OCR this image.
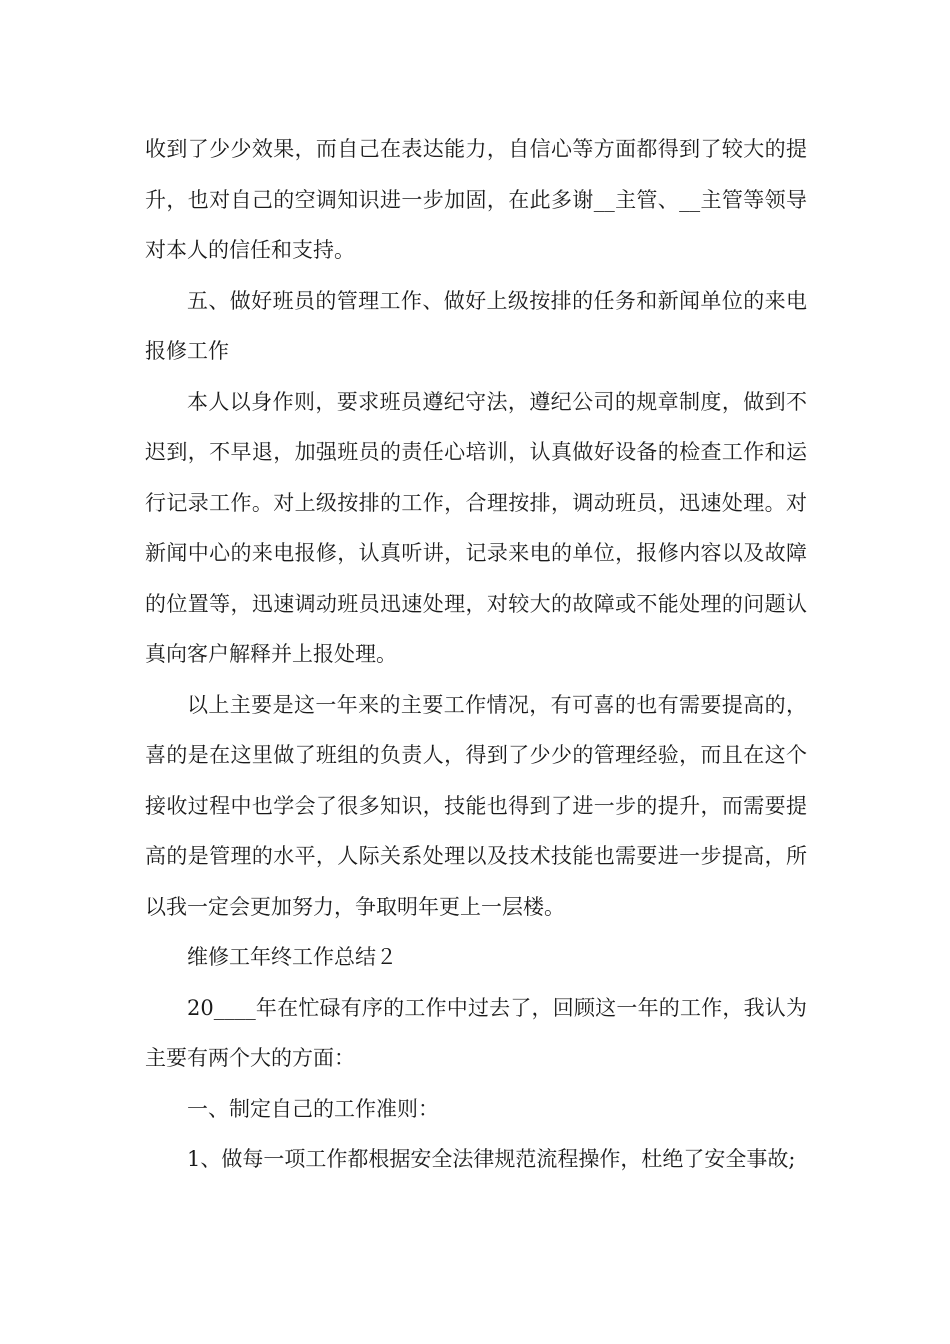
收到了少少效果，而自己在表达能力，自信心等方面都得到了较大的提升，也对自己的空调知识进一步加固，在此多谢__主管、__主管等领导对本人的信任和支持。

五、做好班员的管理工作、做好上级按排的任务和新闻单位的来电报修工作

本人以身作则，要求班员遵纪守法，遵纪公司的规章制度，做到不迟到，不早退，加强班员的责任心培训，认真做好设备的检查工作和运行记录工作。对上级按排的工作，合理按排，调动班员，迅速处理。对新闻中心的来电报修，认真听讲，记录来电的单位，报修内容以及故障的位置等，迅速调动班员迅速处理，对较大的故障或不能处理的问题认真向客户解释并上报处理。

以上主要是这一年来的主要工作情况，有可喜的也有需要提高的，喜的是在这里做了班组的负责人，得到了少少的管理经验，而且在这个接收过程中也学会了很多知识，技能也得到了进一步的提升，而需要提高的是管理的水平，人际关系处理以及技术技能也需要进一步提高，所以我一定会更加努力，争取明年更上一层楼。

维修工年终工作总结２

20____年在忙碌有序的工作中过去了，回顾这一年的工作，我认为主要有两个大的方面：

一、制定自己的工作准则：

1、做每一项工作都根据安全法律规范流程操作，杜绝了安全事故;
